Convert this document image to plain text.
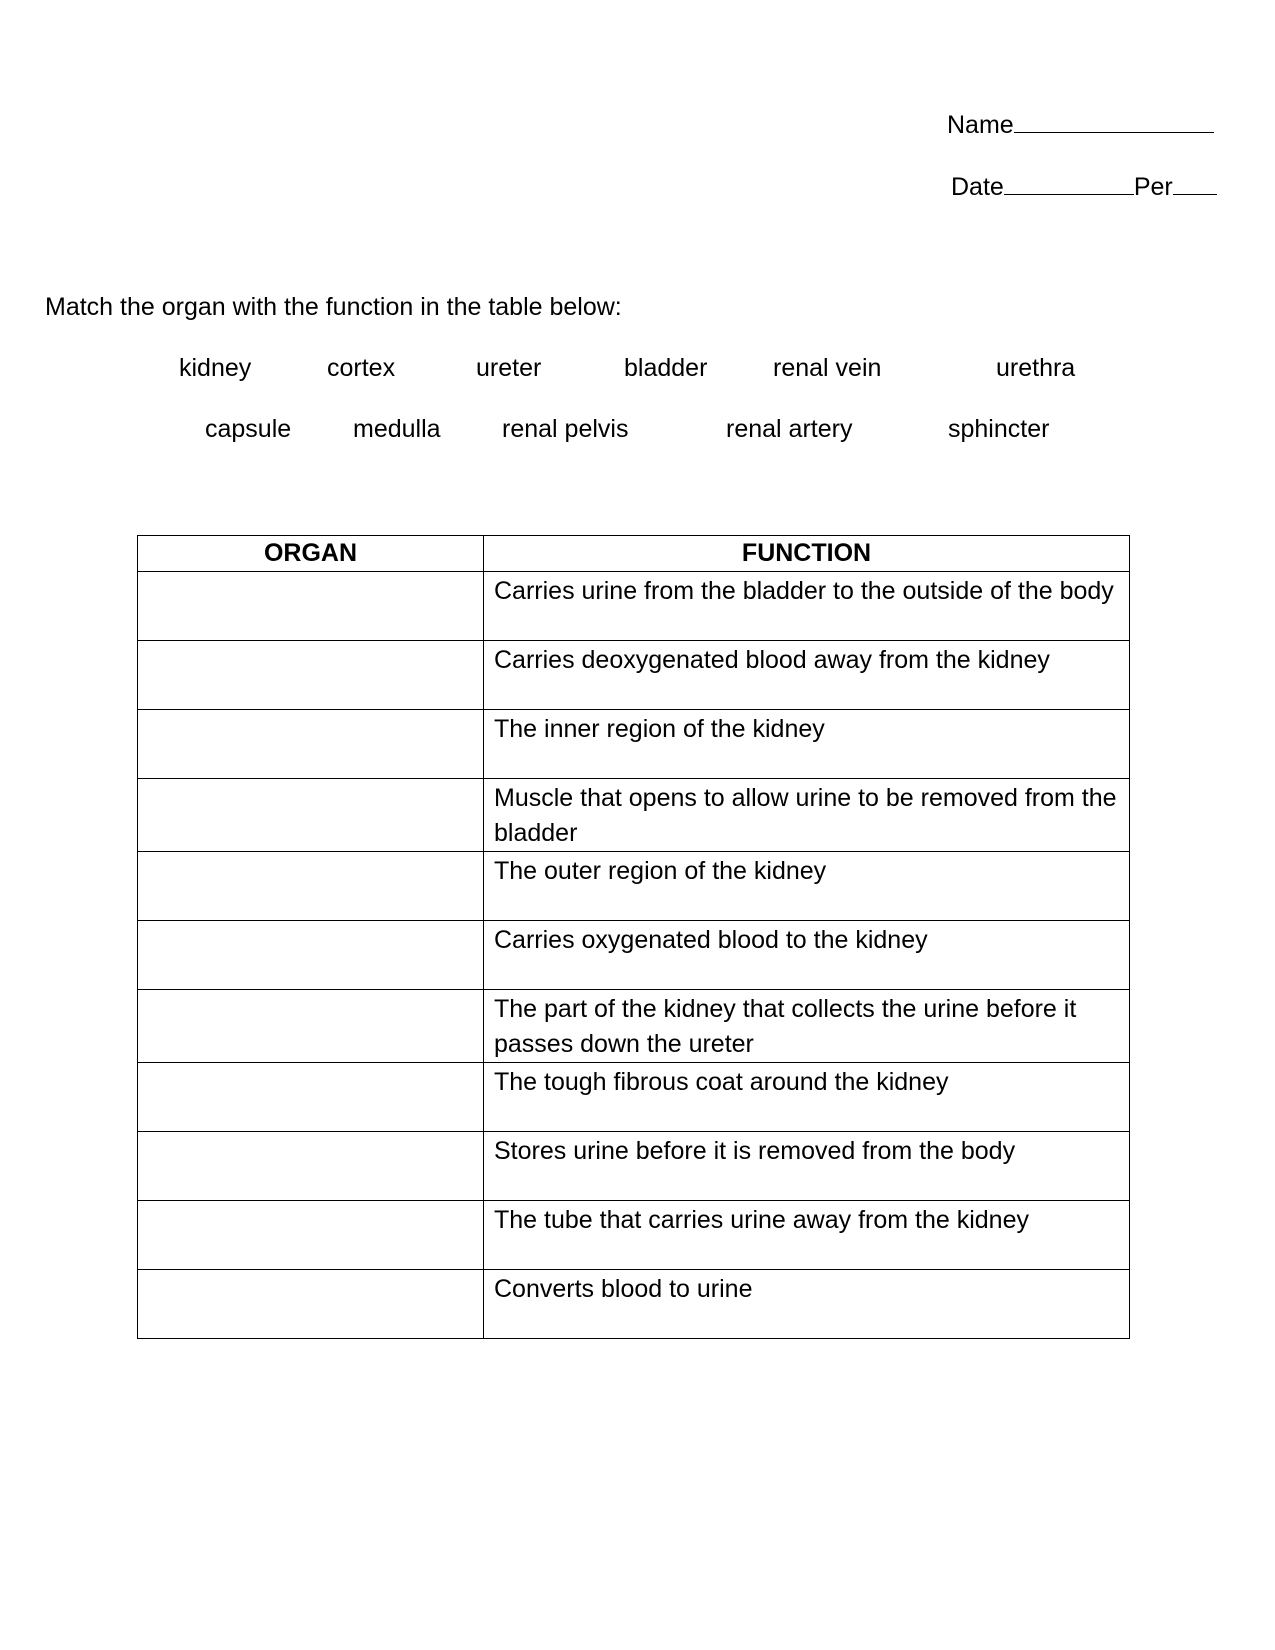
Name
Date	Per
Match the organ with the function in the table below:
kidney	cortex	ureter	bladder	renal vein	urethra
capsule medulla renal pelvis	renal artery	sphincter
ORGAN	FUNCTION
	Carries urine from the bladder to the outside of the body
	Carries deoxygenated blood away from the kidney
	The inner region of the kidney
	Muscle that opens to allow urine to be removed from the bladder
	The outer region of the kidney
	Carries oxygenated blood to the kidney
	The part of the kidney that collects the urine before it passes down the ureter
	The tough fibrous coat around the kidney
	Stores urine before it is removed from the body
	The tube that carries urine away from the kidney
	Converts blood to urine
